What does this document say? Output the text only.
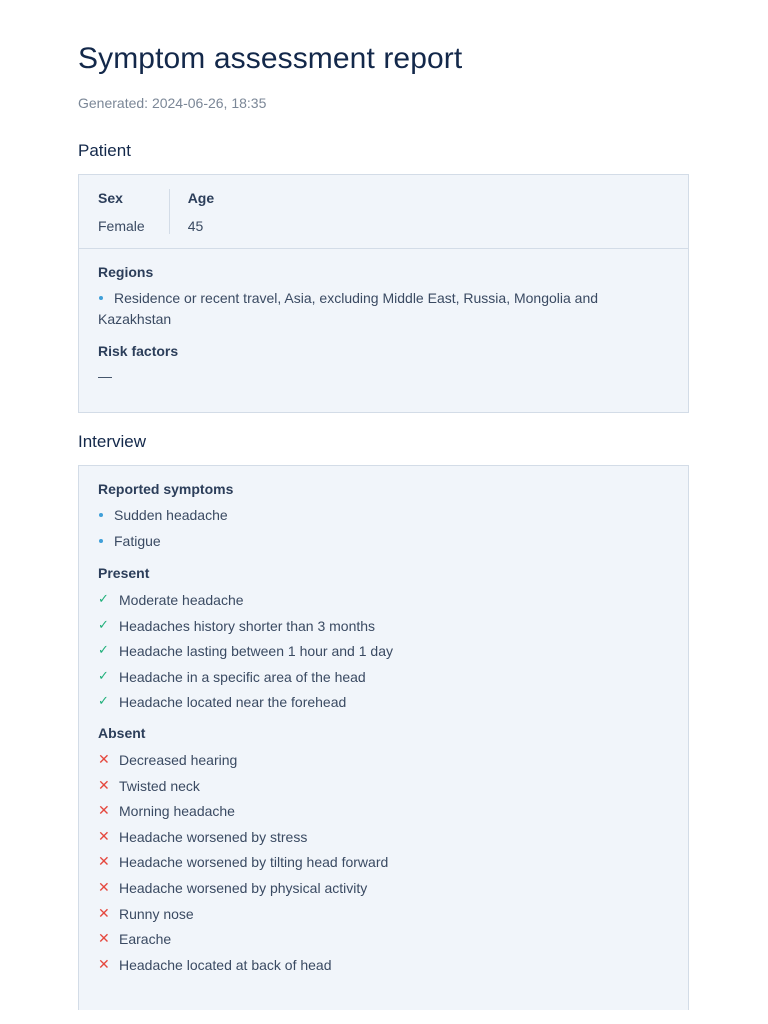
Symptom assessment report
Generated: 2024-06-26, 18:35
Patient
Sex
Female
Age
45
Regions
Residence or recent travel, Asia, excluding Middle East, Russia, Mongolia and Kazakhstan
Risk factors
—
Interview
Reported symptoms
Sudden headache
Fatigue
Present
✓ Moderate headache
✓ Headaches history shorter than 3 months
✓ Headache lasting between 1 hour and 1 day
✓ Headache in a specific area of the head
✓ Headache located near the forehead
Absent
✕ Decreased hearing
✕ Twisted neck
✕ Morning headache
✕ Headache worsened by stress
✕ Headache worsened by tilting head forward
✕ Headache worsened by physical activity
✕ Runny nose
✕ Earache
✕ Headache located at back of head
